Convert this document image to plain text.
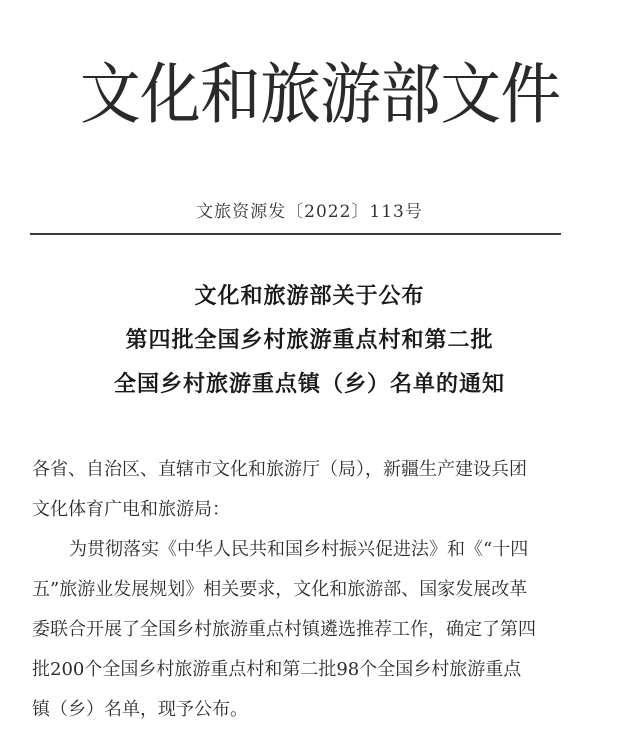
文化和旅游部文件
文旅资源发〔2022〕113号
文化和旅游部关于公布
第四批全国乡村旅游重点村和第二批
全国乡村旅游重点镇（乡）名单的通知
各省、自治区、直辖市文化和旅游厅（局），新疆生产建设兵团
文化体育广电和旅游局：
为贯彻落实《中华人民共和国乡村振兴促进法》和《“十四
五”旅游业发展规划》相关要求，文化和旅游部、国家发展改革
委联合开展了全国乡村旅游重点村镇遴选推荐工作，确定了第四
批200个全国乡村旅游重点村和第二批98个全国乡村旅游重点
镇（乡）名单，现予公布。
